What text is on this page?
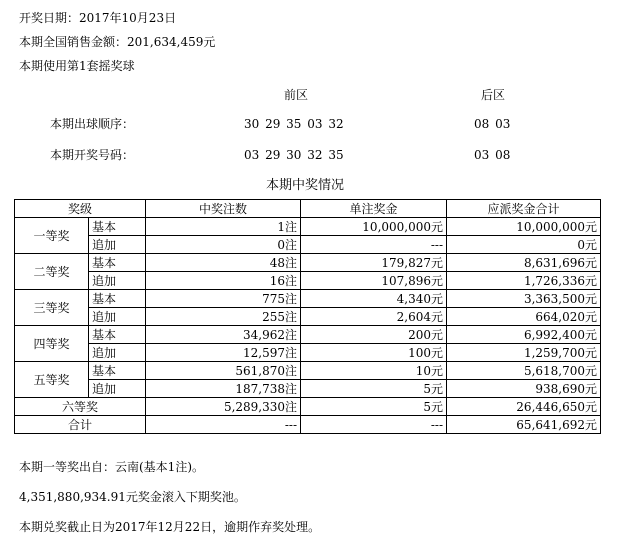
开奖日期：2017年10月23日
本期全国销售金额：201,634,459元
本期使用第1套摇奖球
前区	后区
本期出球顺序：	30 29 35 03 32	08 03
本期开奖号码：	03 29 30 32 35	03 08
本期中奖情况
奖级		中奖注数	单注奖金	应派奖金合计
一等奖	基本	1注	10,000,000元	10,000,000元
	追加	0注	---	0元
二等奖	基本	48注	179,827元	8,631,696元
	追加	16注	107,896元	1,726,336元
三等奖	基本	775注	4,340元	3,363,500元
	追加	255注	2,604元	664,020元
四等奖	基本	34,962注	200元	6,992,400元
	追加	12,597注	100元	1,259,700元
五等奖	基本	561,870注	10元	5,618,700元
	追加	187,738注	5元	938,690元
六等奖		5,289,330注	5元	26,446,650元
合计		---	---	65,641,692元
本期一等奖出自：云南(基本1注)。
4,351,880,934.91元奖金滚入下期奖池。
本期兑奖截止日为2017年12月22日，逾期作弃奖处理。
